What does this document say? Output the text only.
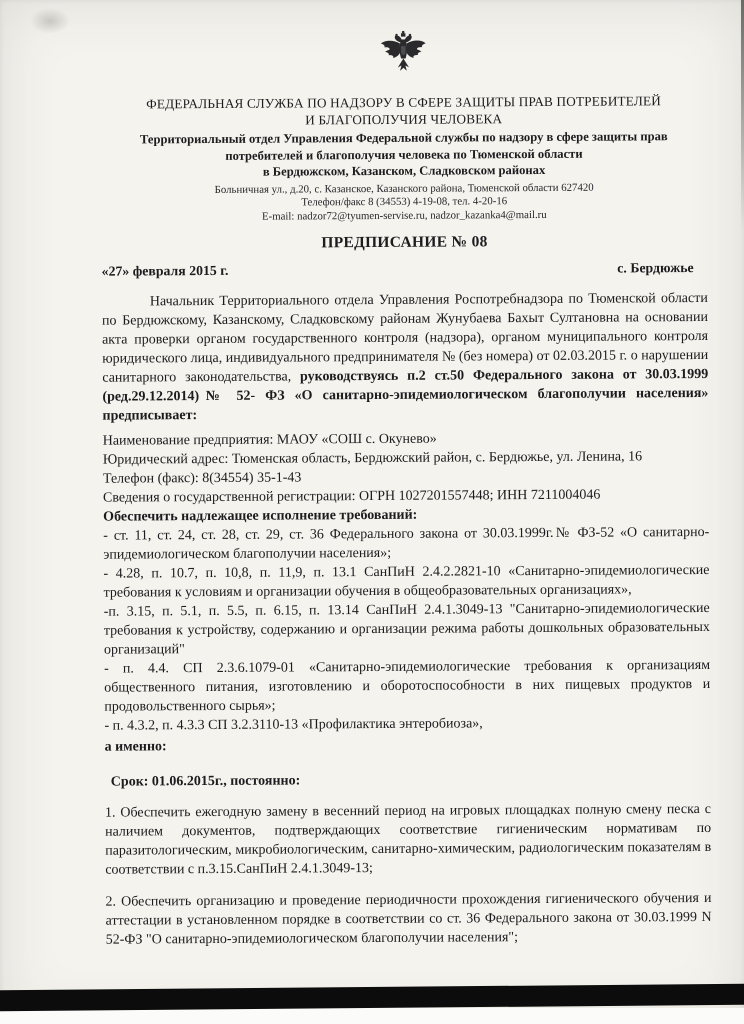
ФЕДЕРАЛЬНАЯ СЛУЖБА ПО НАДЗОРУ В СФЕРЕ ЗАЩИТЫ ПРАВ ПОТРЕБИТЕЛЕЙ
И БЛАГОПОЛУЧИЯ ЧЕЛОВЕКА
Территориальный отдел Управления Федеральной службы по надзору в сфере защиты прав
потребителей и благополучия человека по Тюменской области
в Бердюжском, Казанском, Сладковском районах
Больничная ул., д.20, с. Казанское, Казанского района, Тюменской области 627420
Телефон/факс 8 (34553) 4-19-08, тел. 4-20-16
E-mail: nadzor72@tyumen-servise.ru, nadzor_kazanka4@mail.ru
ПРЕДПИСАНИЕ № 08
«27» февраля 2015 г.	с. Бердюжье

Начальник Территориального отдела Управления Роспотребнадзора по Тюменской области по Бердюжскому, Казанскому, Сладковскому районам Жунубаева Бахыт Султановна на основании акта проверки органом государственного контроля (надзора), органом муниципального контроля юридического лица, индивидуального предпринимателя № (без номера) от 02.03.2015 г. о нарушении санитарного законодательства, руководствуясь п.2 ст.50 Федерального закона от 30.03.1999 (ред.29.12.2014)№ 52- ФЗ «О санитарно-эпидемиологическом благополучии населения» предписывает:

Наименование предприятия: МАОУ «СОШ с. Окунево»

Юридический адрес: Тюменская область, Бердюжский район, с. Бердюжье, ул. Ленина, 16

Телефон (факс): 8(34554) 35-1-43

Сведения о государственной регистрации: ОГРН 1027201557448; ИНН 7211004046

Обеспечить надлежащее исполнение требований:

- ст. 11, ст. 24, ст. 28, ст. 29, ст. 36 Федерального закона от 30.03.1999г.№ ФЗ-52 «О санитарно-эпидемиологическом благополучии населения»;

- 4.28, п. 10.7, п. 10,8, п. 11,9, п. 13.1 СанПиН 2.4.2.2821-10 «Санитарно-эпидемиологические требования к условиям и организации обучения в общеобразовательных организациях»,

-п. 3.15, п. 5.1, п. 5.5, п. 6.15, п. 13.14 СанПиН 2.4.1.3049-13 "Санитарно-эпидемиологические требования к устройству, содержанию и организации режима работы дошкольных образовательных организаций"

- п. 4.4. СП 2.3.6.1079-01 «Санитарно-эпидемиологические требования к организациям общественного питания, изготовлению и оборотоспособности в них пищевых продуктов и продовольственного сырья»;

- п. 4.3.2, п. 4.3.3 СП 3.2.3110-13 «Профилактика энтеробиоза»,

а именно:

Срок: 01.06.2015г., постоянно:

1. Обеспечить ежегодную замену в весенний период на игровых площадках полную смену песка с наличием документов, подтверждающих соответствие гигиеническим нормативам по паразитологическим, микробиологическим, санитарно-химическим, радиологическим показателям в соответствии с п.3.15.СанПиН 2.4.1.3049-13;

2. Обеспечить организацию и проведение периодичности прохождения гигиенического обучения и аттестации в установленном порядке в соответствии со ст. 36 Федерального закона от 30.03.1999 N 52-ФЗ "О санитарно-эпидемиологическом благополучии населения";
